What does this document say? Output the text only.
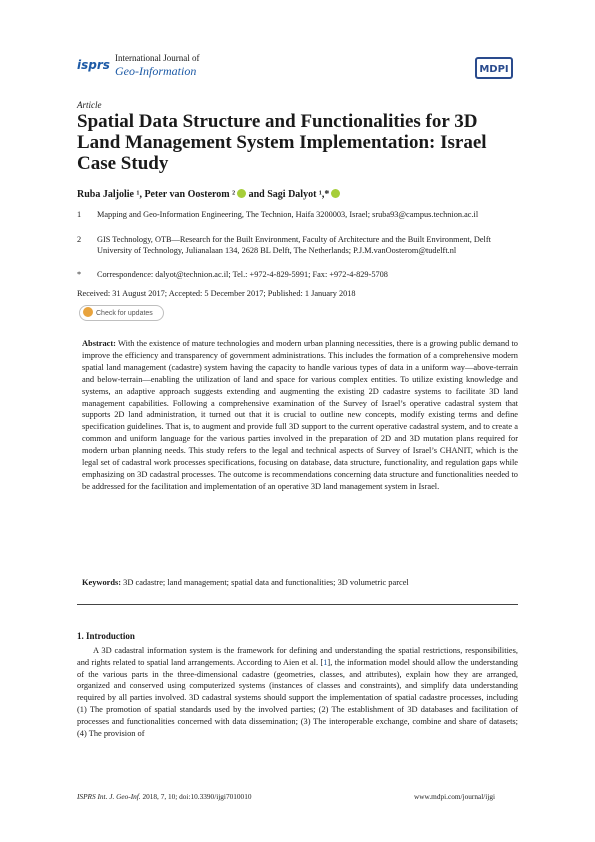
isprs International Journal of
Geo-Information	MDPI
Article
Spatial Data Structure and Functionalities for 3D Land Management System Implementation: Israel Case Study
Ruba Jaljolie ¹, Peter van Oosterom ² and Sagi Dalyot ¹,*
1 Mapping and Geo-Information Engineering, The Technion, Haifa 3200003, Israel; sruba93@campus.technion.ac.il
2 GIS Technology, OTB—Research for the Built Environment, Faculty of Architecture and the Built Environment, Delft University of Technology, Julianalaan 134, 2628 BL Delft, The Netherlands; P.J.M.vanOosterom@tudelft.nl
* Correspondence: dalyot@technion.ac.il; Tel.: +972-4-829-5991; Fax: +972-4-829-5708
Received: 31 August 2017; Accepted: 5 December 2017; Published: 1 January 2018
Check for updates
Abstract: With the existence of mature technologies and modern urban planning necessities, there is a growing public demand to improve the efficiency and transparency of government administrations. This includes the formation of a comprehensive modern spatial land management (cadastre) system having the capacity to handle various types of data in a uniform way—above-terrain and below-terrain—enabling the utilization of land and space for various complex entities. To utilize existing knowledge and systems, an adaptive approach suggests extending and augmenting the existing 2D cadastre systems to facilitate 3D land management capabilities. Following a comprehensive examination of the Survey of Israel’s operative cadastral system that supports 2D land administration, it turned out that it is crucial to outline new concepts, modify existing terms and define specification guidelines. That is, to augment and provide full 3D support to the current operative cadastral system, and to create a common and uniform language for the various parties involved in the preparation of 2D and 3D mutation plans required for modern urban planning needs. This study refers to the legal and technical aspects of Survey of Israel’s CHANIT, which is the legal set of cadastral work processes specifications, focusing on database, data structure, functionality, and regulation gaps while emphasizing on 3D cadastral processes. The outcome is recommendations concerning data structure and functionalities needed to be addressed for the facilitation and implementation of an operative 3D land management system in Israel.
Keywords: 3D cadastre; land management; spatial data and functionalities; 3D volumetric parcel
1. Introduction
A 3D cadastral information system is the framework for defining and understanding the spatial restrictions, responsibilities, and rights related to spatial land arrangements. According to Aien et al. [1], the information model should allow the understanding of the various parts in the three-dimensional cadastre (geometries, classes, and attributes), explain how they are arranged, organized and conserved using computerized systems (instances of classes and constraints), and simplify data understanding required by all parties involved. 3D cadastral systems should support the implementation of spatial cadastre processes, including (1) The promotion of spatial standards used by the involved parties; (2) The establishment of 3D databases and facilitation of processes and functionalities concerned with data dissemination; (3) The interoperable exchange, combine and share of datasets; (4) The provision of
ISPRS Int. J. Geo-Inf. 2018, 7, 10; doi:10.3390/ijgi7010010	www.mdpi.com/journal/ijgi
